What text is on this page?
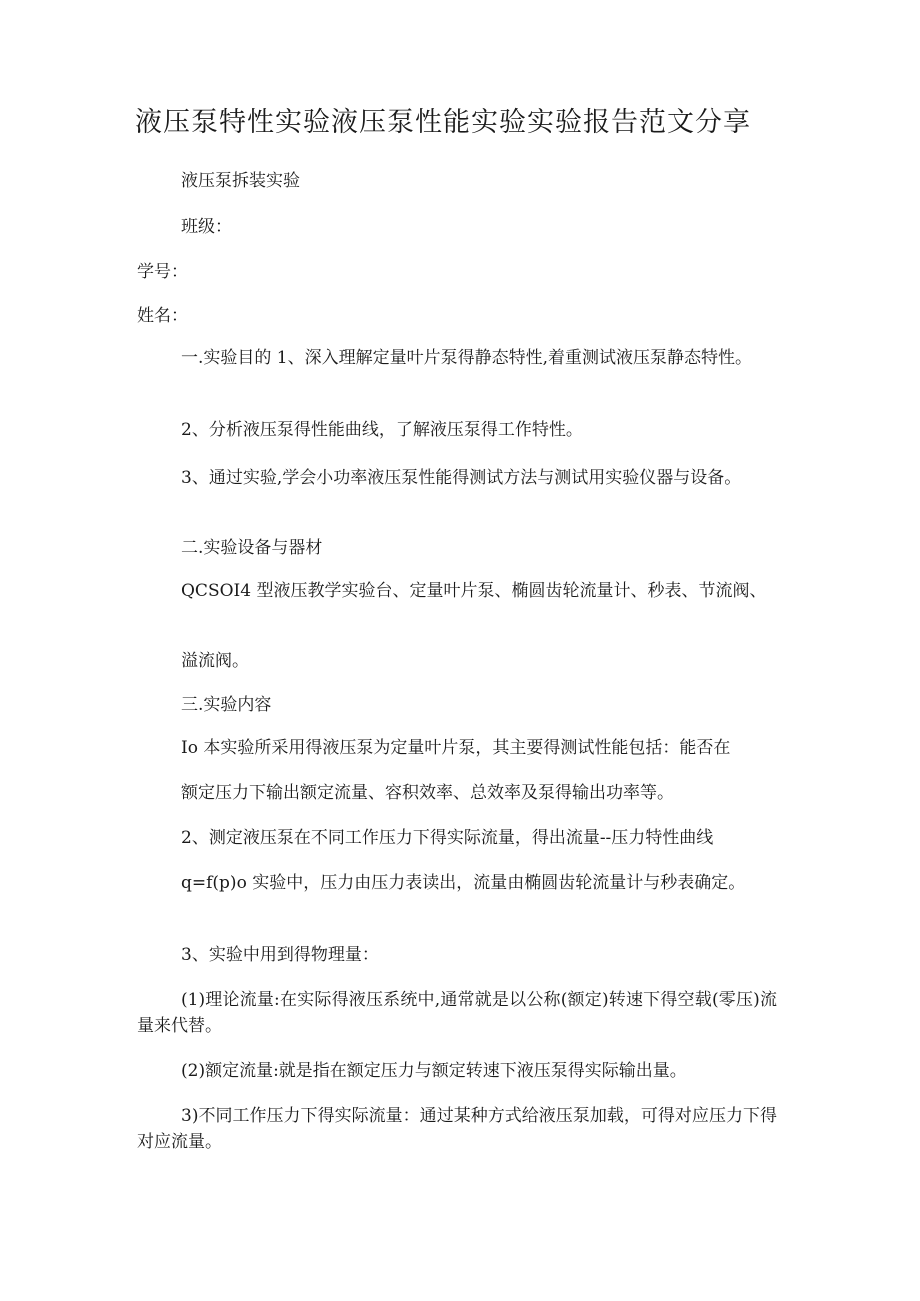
液压泵特性实验液压泵性能实验实验报告范文分享
液压泵拆装实验
班级：
学号：
姓名：
一.实验目的 1、深入理解定量叶片泵得静态特性,着重测试液压泵静态特性。
2、分析液压泵得性能曲线，了解液压泵得工作特性。
3、通过实验,学会小功率液压泵性能得测试方法与测试用实验仪器与设备。
二.实验设备与器材
QCSOI4 型液压教学实验台、定量叶片泵、椭圆齿轮流量计、秒表、节流阀、
溢流阀。
三.实验内容
Io 本实验所采用得液压泵为定量叶片泵，其主要得测试性能包括：能否在
额定压力下输出额定流量、容积效率、总效率及泵得输出功率等。
2、测定液压泵在不同工作压力下得实际流量，得出流量--压力特性曲线
q=f(p)o 实验中，压力由压力表读出，流量由椭圆齿轮流量计与秒表确定。
3、实验中用到得物理量：
(1)理论流量:在实际得液压系统中,通常就是以公称(额定)转速下得空载(零压)流量来代替。
(2)额定流量:就是指在额定压力与额定转速下液压泵得实际输出量。
3)不同工作压力下得实际流量：通过某种方式给液压泵加载，可得对应压力下得对应流量。
